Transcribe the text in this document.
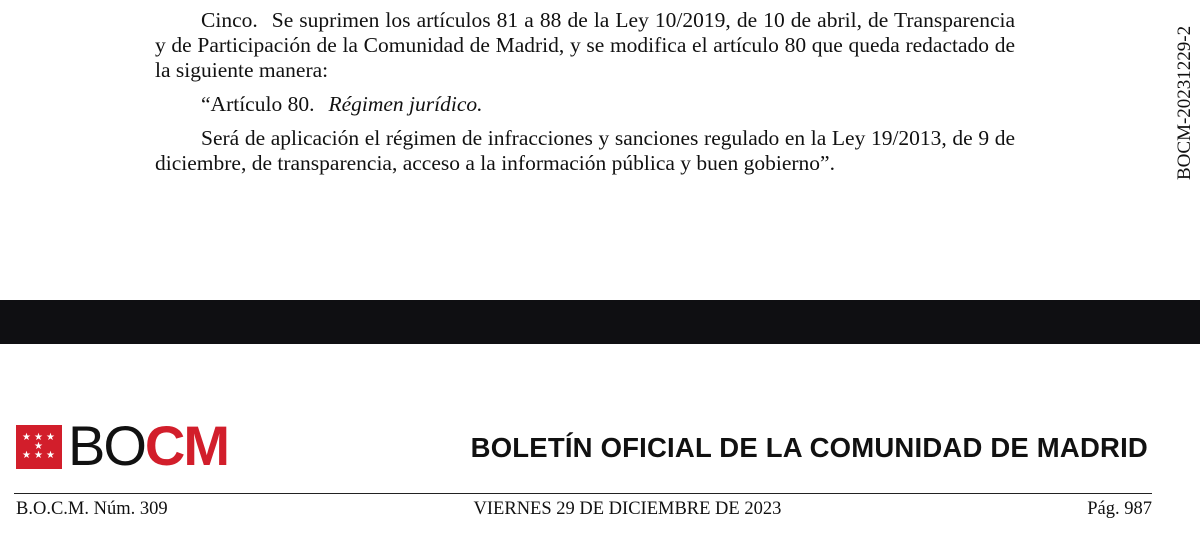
Cinco. Se suprimen los artículos 81 a 88 de la Ley 10/2019, de 10 de abril, de Transparencia y de Participación de la Comunidad de Madrid, y se modifica el artículo 80 que queda redactado de la siguiente manera:

“Artículo 80. Régimen jurídico.

Será de aplicación el régimen de infracciones y sanciones regulado en la Ley 19/2013, de 9 de diciembre, de transparencia, acceso a la información pública y buen gobierno”.	BOCM-20231229-2
★ ★ ★
★ ★ ★
★ BOCM	BOLETÍN OFICIAL DE LA COMUNIDAD DE MADRID
B.O.C.M. Núm. 309	VIERNES 29 DE DICIEMBRE DE 2023	Pág. 987
